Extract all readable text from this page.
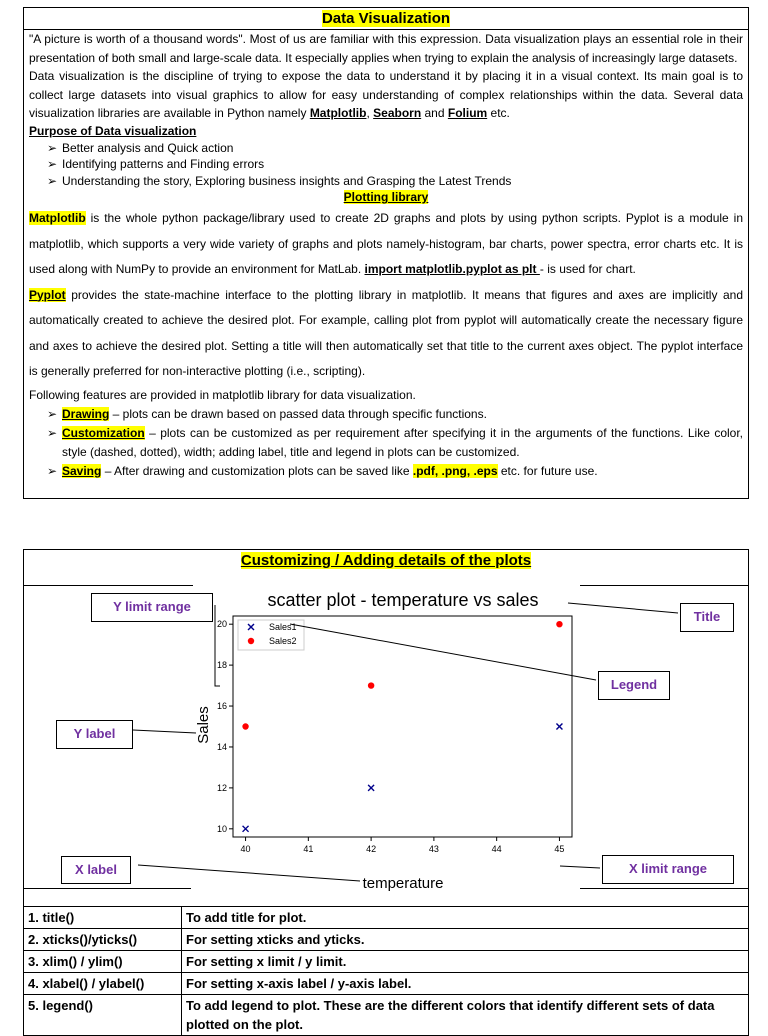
Data Visualization

"A picture is worth of a thousand words". Most of us are familiar with this expression. Data visualization plays an essential role in their presentation of both small and large-scale data. It especially applies when trying to explain the analysis of increasingly large datasets.

Data visualization is the discipline of trying to expose the data to understand it by placing it in a visual context. Its main goal is to collect large datasets into visual graphics to allow for easy understanding of complex relationships within the data. Several data visualization libraries are available in Python namely Matplotlib, Seaborn and Folium etc.

Purpose of Data visualization
➢ Better analysis and Quick action
➢ Identifying patterns and Finding errors
➢ Understanding the story, Exploring business insights and Grasping the Latest Trends
Plotting library

Matplotlib is the whole python package/library used to create 2D graphs and plots by using python scripts. Pyplot is a module in matplotlib, which supports a very wide variety of graphs and plots namely-histogram, bar charts, power spectra, error charts etc. It is used along with NumPy to provide an environment for MatLab. import matplotlib.pyplot as plt - is used for chart.

Pyplot provides the state-machine interface to the plotting library in matplotlib. It means that figures and axes are implicitly and automatically created to achieve the desired plot. For example, calling plot from pyplot will automatically create the necessary figure and axes to achieve the desired plot. Setting a title will then automatically set that title to the current axes object. The pyplot interface is generally preferred for non-interactive plotting (i.e., scripting).

Following features are provided in matplotlib library for data visualization.
➢ Drawing – plots can be drawn based on passed data through specific functions.
➢ Customization – plots can be customized as per requirement after specifying it in the arguments of the functions. Like color, style (dashed, dotted), width; adding label, title and legend in plots can be customized.
➢ Saving – After drawing and customization plots can be saved like .pdf, .png, .eps etc. for future use.
Customizing / Adding details of the plots
scatter plot - temperature vs sales
40	41	42	43	44	45
10
12
14
16
18
20
temperature
Sales
Sales1
Sales2
Y limit range
Title
Legend
Y label
X label	X limit range
1. title()	To add title for plot.
2. xticks()/yticks()	For setting xticks and yticks.
3. xlim() / ylim()	For setting x limit / y limit.
4. xlabel() / ylabel()	For setting x-axis label / y-axis label.
5. legend()	To add legend to plot. These are the different colors that identify different sets of data plotted on the plot.
